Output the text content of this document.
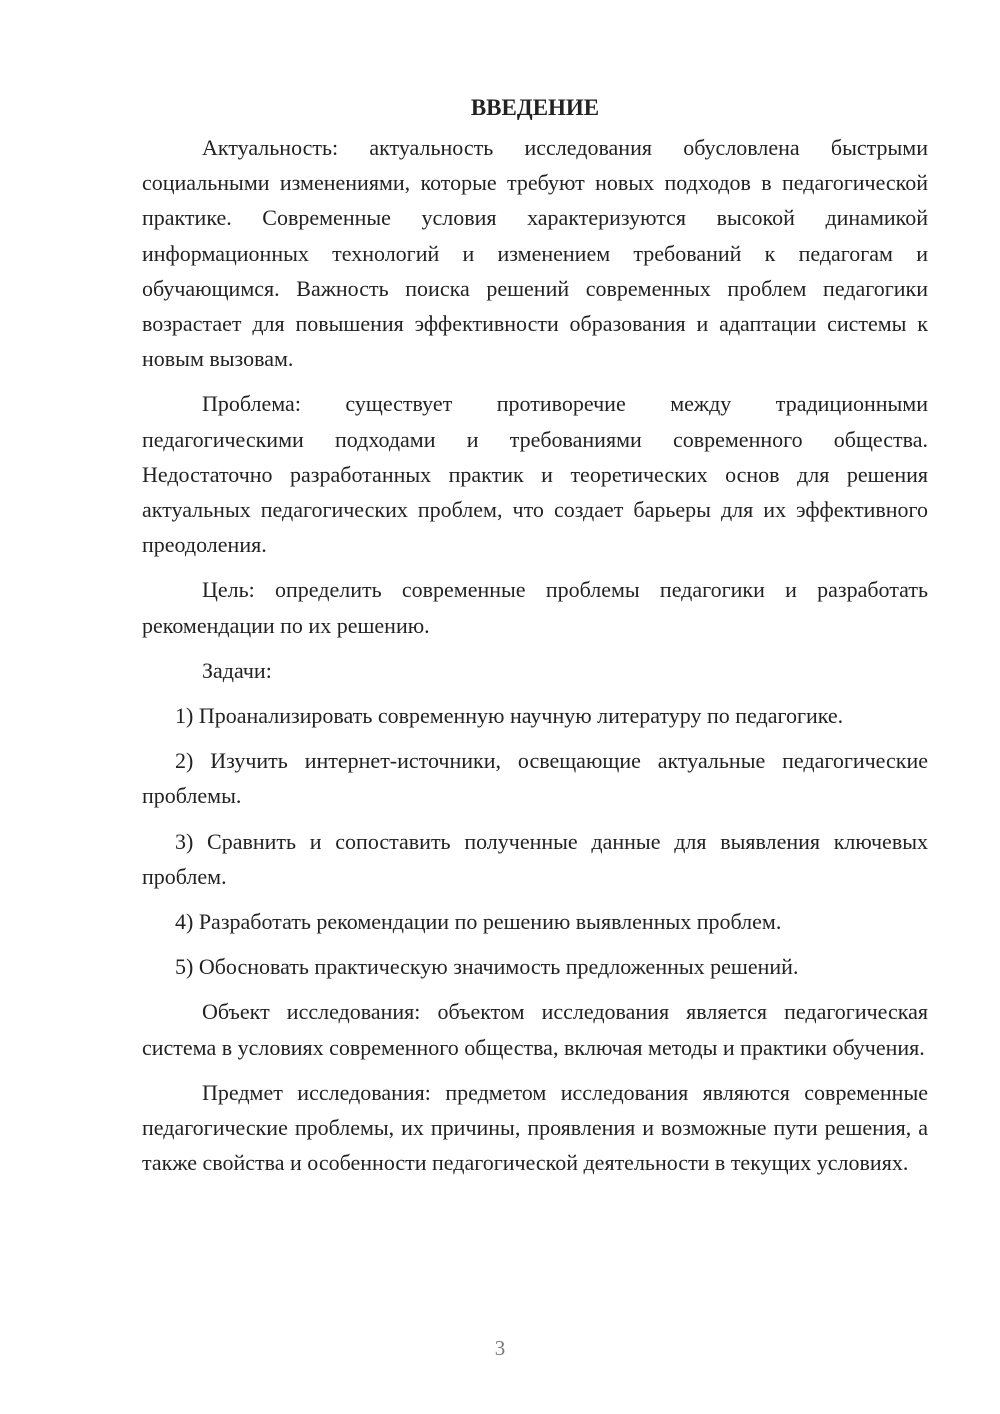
ВВЕДЕНИЕ

Актуальность: актуальность исследования обусловлена быстрыми социальными изменениями, которые требуют новых подходов в педагогической практике. Современные условия характеризуются высокой динамикой информационных технологий и изменением требований к педагогам и обучающимся. Важность поиска решений современных проблем педагогики возрастает для повышения эффективности образования и адаптации системы к новым вызовам.

Проблема: существует противоречие между традиционными педагогическими подходами и требованиями современного общества. Недостаточно разработанных практик и теоретических основ для решения актуальных педагогических проблем, что создает барьеры для их эффективного преодоления.

Цель: определить современные проблемы педагогики и разработать рекомендации по их решению.

Задачи:

1) Проанализировать современную научную литературу по педагогике.

2) Изучить интернет-источники, освещающие актуальные педагогические проблемы.

3) Сравнить и сопоставить полученные данные для выявления ключевых проблем.

4) Разработать рекомендации по решению выявленных проблем.

5) Обосновать практическую значимость предложенных решений.

Объект исследования: объектом исследования является педагогическая система в условиях современного общества, включая методы и практики обучения.

Предмет исследования: предметом исследования являются современные педагогические проблемы, их причины, проявления и возможные пути решения, а также свойства и особенности педагогической деятельности в текущих условиях.

3
